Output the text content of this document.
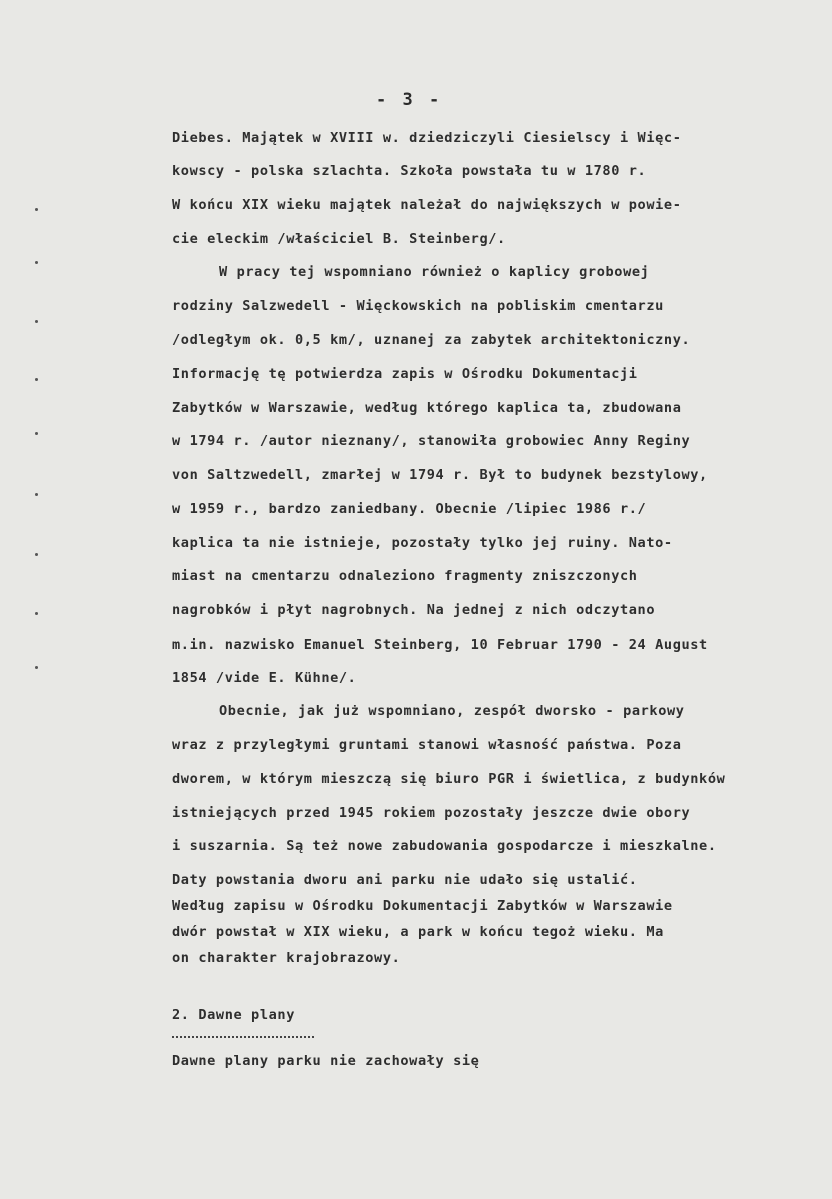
- 3 -
Diebes. Majątek w XVIII w. dziedziczyli Ciesielscy i Więc-
kowscy - polska szlachta. Szkoła powstała tu w 1780 r.
W końcu XIX wieku majątek należał do największych w powie-
cie eleckim /właściciel B. Steinberg/.
W pracy tej wspomniano również o kaplicy grobowej
rodziny Salzwedell - Więckowskich na pobliskim cmentarzu
/odległym ok. 0,5 km/, uznanej za zabytek architektoniczny.
Informację tę potwierdza zapis w Ośrodku Dokumentacji
Zabytków w Warszawie, według którego kaplica ta, zbudowana
w 1794 r. /autor nieznany/, stanowiła grobowiec Anny Reginy
von Saltzwedell, zmarłej w 1794 r. Był to budynek bezstylowy,
w 1959 r., bardzo zaniedbany. Obecnie /lipiec 1986 r./
kaplica ta nie istnieje, pozostały tylko jej ruiny. Nato-
miast na cmentarzu odnaleziono fragmenty zniszczonych
nagrobków i płyt nagrobnych. Na jednej z nich odczytano
m.in. nazwisko Emanuel Steinberg, 10 Februar 1790 - 24 August
1854 /vide E. Kühne/.
Obecnie, jak już wspomniano, zespół dworsko - parkowy
wraz z przyległymi gruntami stanowi własność państwa. Poza
dworem, w którym mieszczą się biuro PGR i świetlica, z budynków
istniejących przed 1945 rokiem pozostały jeszcze dwie obory
i suszarnia. Są też nowe zabudowania gospodarcze i mieszkalne.
Daty powstania dworu ani parku nie udało się ustalić.
Według zapisu w Ośrodku Dokumentacji Zabytków w Warszawie
dwór powstał w XIX wieku, a park w końcu tegoż wieku. Ma
on charakter krajobrazowy.
2. Dawne plany
Dawne plany parku nie zachowały się
